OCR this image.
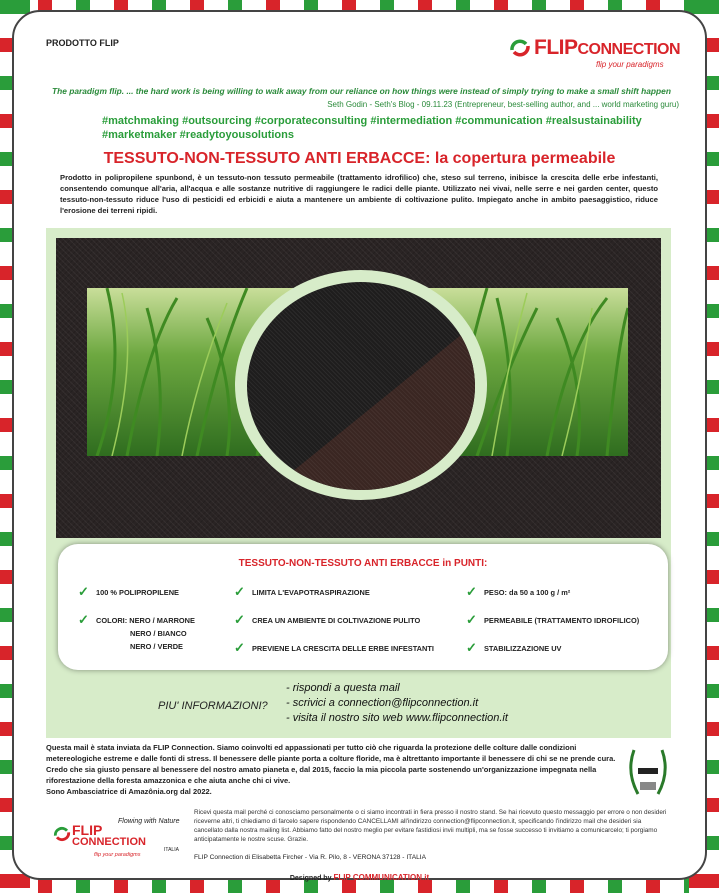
PRODOTTO FLIP	FLIPCONNECTION
flip your paradigms
The paradigm flip. ... the hard work is being willing to walk away from our reliance on how things were instead of simply trying to make a small shift happen
Seth Godin - Seth's Blog - 09.11.23 (Entrepreneur, best-selling author, and ... world marketing guru)
#matchmaking #outsourcing #corporateconsulting #intermediation #communication #realsustainability
#marketmaker #readytoyousolutions
TESSUTO-NON-TESSUTO ANTI ERBACCE: la copertura permeabile
Prodotto in polipropilene spunbond, è un tessuto-non tessuto permeabile (trattamento idrofilico) che, steso sul terreno, inibisce la crescita delle erbe infestanti, consentendo comunque all'aria, all'acqua e alle sostanze nutritive di raggiungere le radici delle piante. Utilizzato nei vivai, nelle serre e nei garden center, questo tessuto-non-tessuto riduce l'uso di pesticidi ed erbicidi e aiuta a mantenere un ambiente di coltivazione pulito. Impiegato anche in ambito paesaggistico, riduce l'erosione dei terreni ripidi.
TESSUTO-NON-TESSUTO ANTI ERBACCE in PUNTI:
✓ 100 % POLIPROPILENE
✓ COLORI: NERO / MARRONE
NERO / BIANCO
NERO / VERDE
✓ LIMITA L'EVAPOTRASPIRAZIONE
✓ CREA UN AMBIENTE DI COLTIVAZIONE PULITO
✓ PREVIENE LA CRESCITA DELLE ERBE INFESTANTI
✓ PESO: da 50 a 100 g / m²
✓ PERMEABILE (TRATTAMENTO IDROFILICO)
✓ STABILIZZAZIONE UV
PIU' INFORMAZIONI?
- rispondi a questa mail
- scrivici a connection@flipconnection.it
- visita il nostro sito web www.flipconnection.it
Questa mail è stata inviata da FLIP Connection. Siamo coinvolti ed appassionati per tutto ciò che riguarda la protezione delle colture dalle condizioni metereologiche estreme e dalle fonti di stress. Il benessere delle piante porta a colture floride, ma è altrettanto importante il benessere di chi se ne prende cura. Credo che sia giusto pensare al benessere del nostro amato pianeta e, dal 2015, faccio la mia piccola parte sostenendo un'organizzazione impegnata nella riforestazione della foresta amazzonica e che aiuta anche chi ci vive.
Sono Ambasciatrice di Amazônia.org dal 2022.
FLIP
CONNECTION
flip your paradigms
Flowing with Nature
ITALIA
Ricevi questa mail perché ci conosciamo personalmente o ci siamo incontrati in fiera presso il nostro stand. Se hai ricevuto questo messaggio per errore o non desideri riceverne altri, ti chiediamo di farcelo sapere rispondendo CANCELLAMI all'indirizzo connection@flipconnection.it, specificando l'indirizzo mail che desideri sia cancellato dalla nostra mailing list. Abbiamo fatto del nostro meglio per evitare fastidiosi invii multipli, ma se fosse successo ti invitiamo a comunicarcelo; ti porgiamo anticipatamente le nostre scuse. Grazie.
FLIP Connection di Elisabetta Fircher - Via R. Pilo, 8 - VERONA 37128 - ITALIA
Designed by FLIP COMMUNICATION.it
